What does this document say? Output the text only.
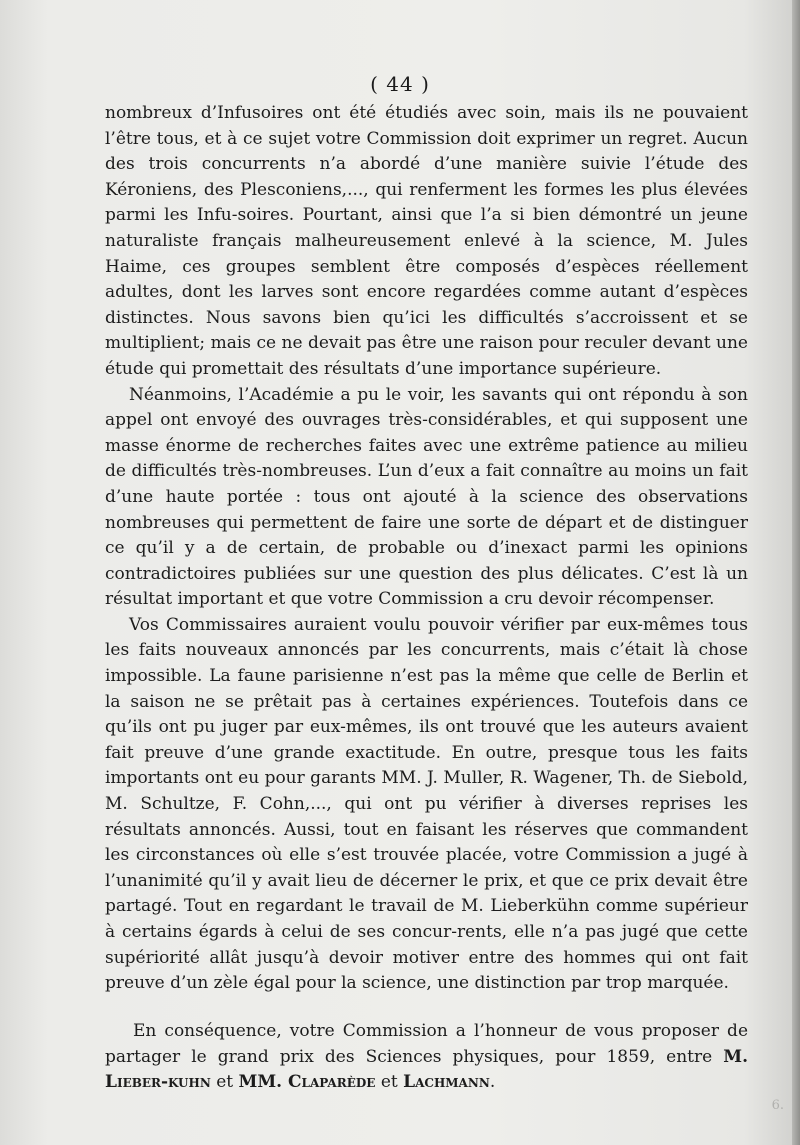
( 44 )

nombreux d’Infusoires ont été étudiés avec soin, mais ils ne pouvaient l’être tous, et à ce sujet votre Commission doit exprimer un regret. Aucun des trois concurrents n’a abordé d’une manière suivie l’étude des Kéroniens, des Plesconiens,..., qui renferment les formes les plus élevées parmi les Infu-soires. Pourtant, ainsi que l’a si bien démontré un jeune naturaliste français malheureusement enlevé à la science, M. Jules Haime, ces groupes semblent être composés d’espèces réellement adultes, dont les larves sont encore regardées comme autant d’espèces distinctes. Nous savons bien qu’ici les difficultés s’accroissent et se multiplient; mais ce ne devait pas être une raison pour reculer devant une étude qui promettait des résultats d’une importance supérieure.

Néanmoins, l’Académie a pu le voir, les savants qui ont répondu à son appel ont envoyé des ouvrages très-considérables, et qui supposent une masse énorme de recherches faites avec une extrême patience au milieu de difficultés très-nombreuses. L’un d’eux a fait connaître au moins un fait d’une haute portée : tous ont ajouté à la science des observations nombreuses qui permettent de faire une sorte de départ et de distinguer ce qu’il y a de certain, de probable ou d’inexact parmi les opinions contradictoires publiées sur une question des plus délicates. C’est là un résultat important et que votre Commission a cru devoir récompenser.

Vos Commissaires auraient voulu pouvoir vérifier par eux-mêmes tous les faits nouveaux annoncés par les concurrents, mais c’était là chose impossible. La faune parisienne n’est pas la même que celle de Berlin et la saison ne se prêtait pas à certaines expériences. Toutefois dans ce qu’ils ont pu juger par eux-mêmes, ils ont trouvé que les auteurs avaient fait preuve d’une grande exactitude. En outre, presque tous les faits importants ont eu pour garants MM. J. Muller, R. Wagener, Th. de Siebold, M. Schultze, F. Cohn,..., qui ont pu vérifier à diverses reprises les résultats annoncés. Aussi, tout en faisant les réserves que commandent les circonstances où elle s’est trouvée placée, votre Commission a jugé à l’unanimité qu’il y avait lieu de décerner le prix, et que ce prix devait être partagé. Tout en regardant le travail de M. Lieberkühn comme supérieur à certains égards à celui de ses concur-rents, elle n’a pas jugé que cette supériorité allât jusqu’à devoir motiver entre des hommes qui ont fait preuve d’un zèle égal pour la science, une distinction par trop marquée.

En conséquence, votre Commission a l’honneur de vous proposer de partager le grand prix des Sciences physiques, pour 1859, entre M. Lieber-kuhn et MM. Claparède et Lachmann.

6.
